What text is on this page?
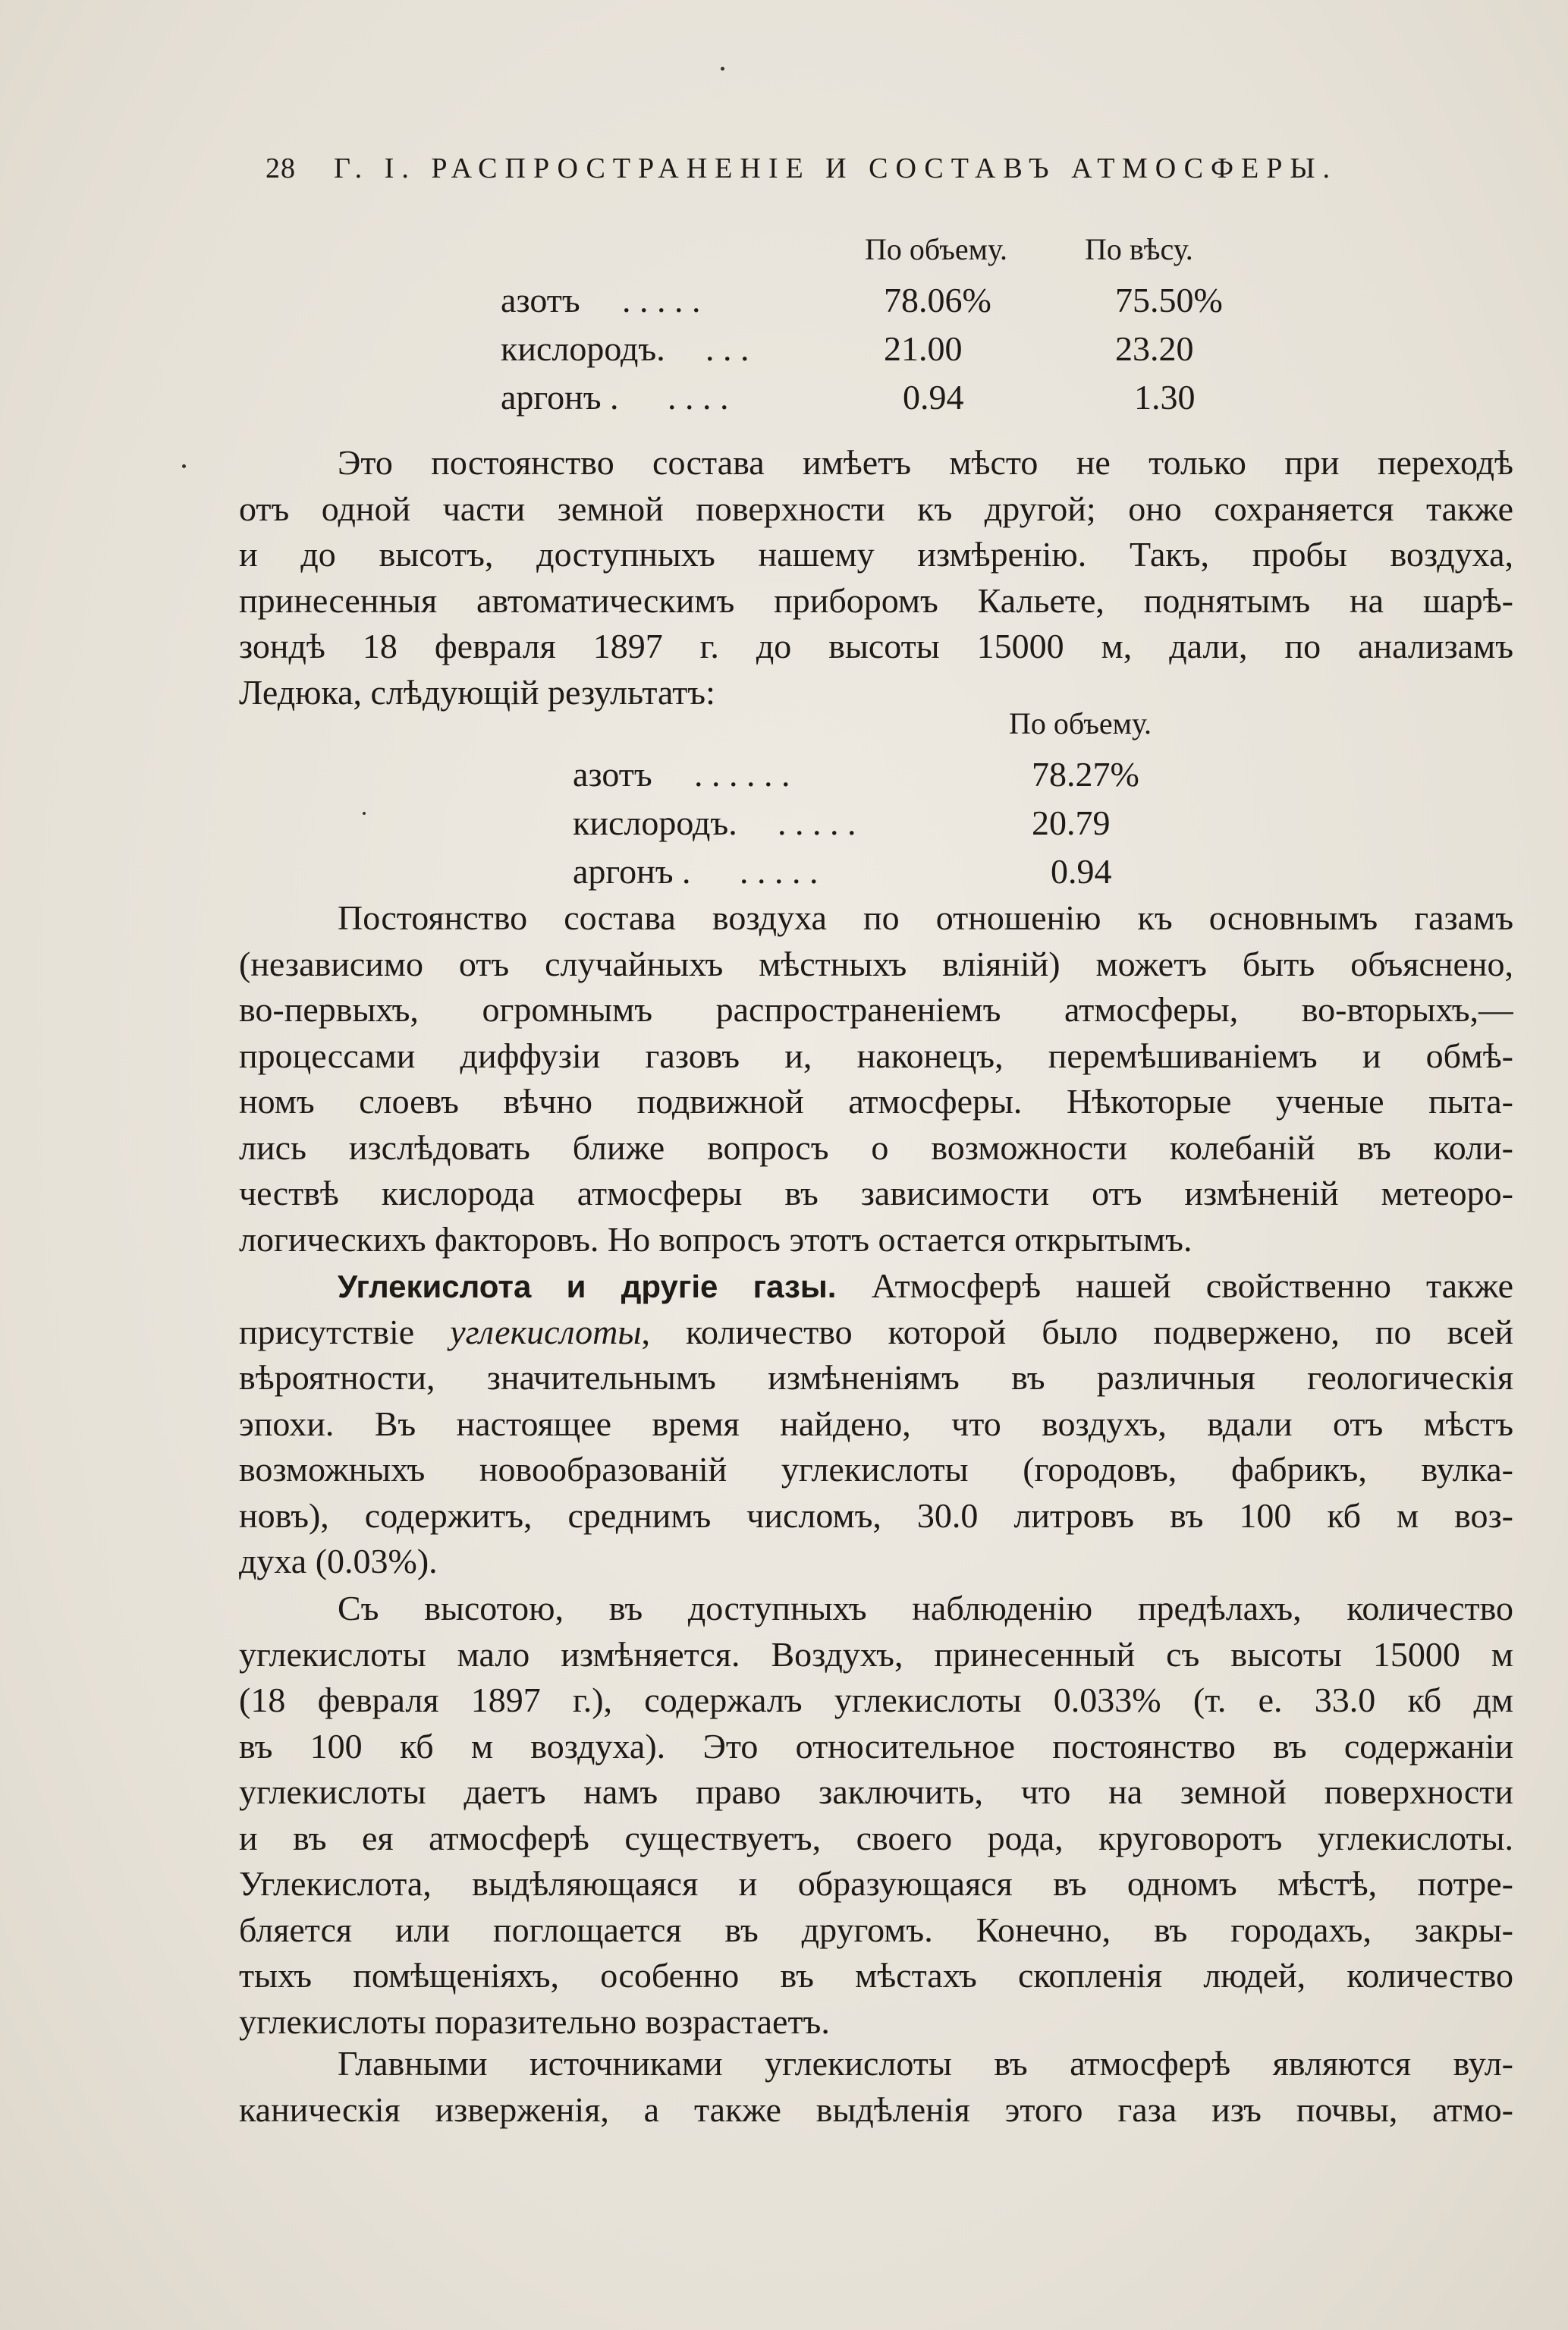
28 Г. I. РАСПРОСТРАНЕНІЕ И СОСТАВЪ АТМОСФЕРЫ.
По объему.	По вѣсу.
азотъ . . . . .	78.06%	75.50%
кислородъ. . . .	21.00	23.20
аргонъ . . . . .	0.94	1.30
Это постоянство состава имѣетъ мѣсто не только при переходѣ
отъ одной части земной поверхности къ другой; оно сохраняется также
и до высотъ, доступныхъ нашему измѣренію. Такъ, пробы воздуха,
принесенныя автоматическимъ приборомъ Кальете, поднятымъ на шарѣ-
зондѣ 18 февраля 1897 г. до высоты 15000 м, дали, по анализамъ
Ледюка, слѣдующій результатъ:
По объему.
азотъ . . . . . .	78.27%
кислородъ. . . . . .	20.79
аргонъ . . . . . .	0.94
Постоянство состава воздуха по отношенію къ основнымъ газамъ
(независимо отъ случайныхъ мѣстныхъ вліяній) можетъ быть объяснено,
во-первыхъ, огромнымъ распространеніемъ атмосферы, во-вторыхъ,—
процессами диффузіи газовъ и, наконецъ, перемѣшиваніемъ и обмѣ-
номъ слоевъ вѣчно подвижной атмосферы. Нѣкоторые ученые пыта-
лись изслѣдовать ближе вопросъ о возможности колебаній въ коли-
чествѣ кислорода атмосферы въ зависимости отъ измѣненій метеоро-
логическихъ факторовъ. Но вопросъ этотъ остается открытымъ.
Углекислота и другіе газы. Атмосферѣ нашей свойственно также
присутствіе углекислоты, количество которой было подвержено, по всей
вѣроятности, значительнымъ измѣненіямъ въ различныя геологическія
эпохи. Въ настоящее время найдено, что воздухъ, вдали отъ мѣстъ
возможныхъ новообразованій углекислоты (городовъ, фабрикъ, вулка-
новъ), содержитъ, среднимъ числомъ, 30.0 литровъ въ 100 кб м воз-
духа (0.03%).
Съ высотою, въ доступныхъ наблюденію предѣлахъ, количество
углекислоты мало измѣняется. Воздухъ, принесенный съ высоты 15000 м
(18 февраля 1897 г.), содержалъ углекислоты 0.033% (т. е. 33.0 кб дм
въ 100 кб м воздуха). Это относительное постоянство въ содержаніи
углекислоты даетъ намъ право заключить, что на земной поверхности
и въ ея атмосферѣ существуетъ, своего рода, круговоротъ углекислоты.
Углекислота, выдѣляющаяся и образующаяся въ одномъ мѣстѣ, потре-
бляется или поглощается въ другомъ. Конечно, въ городахъ, закры-
тыхъ помѣщеніяхъ, особенно въ мѣстахъ скопленія людей, количество
углекислоты поразительно возрастаетъ.
Главными источниками углекислоты въ атмосферѣ являются вул-
каническія изверженія, а также выдѣленія этого газа изъ почвы, атмо-
